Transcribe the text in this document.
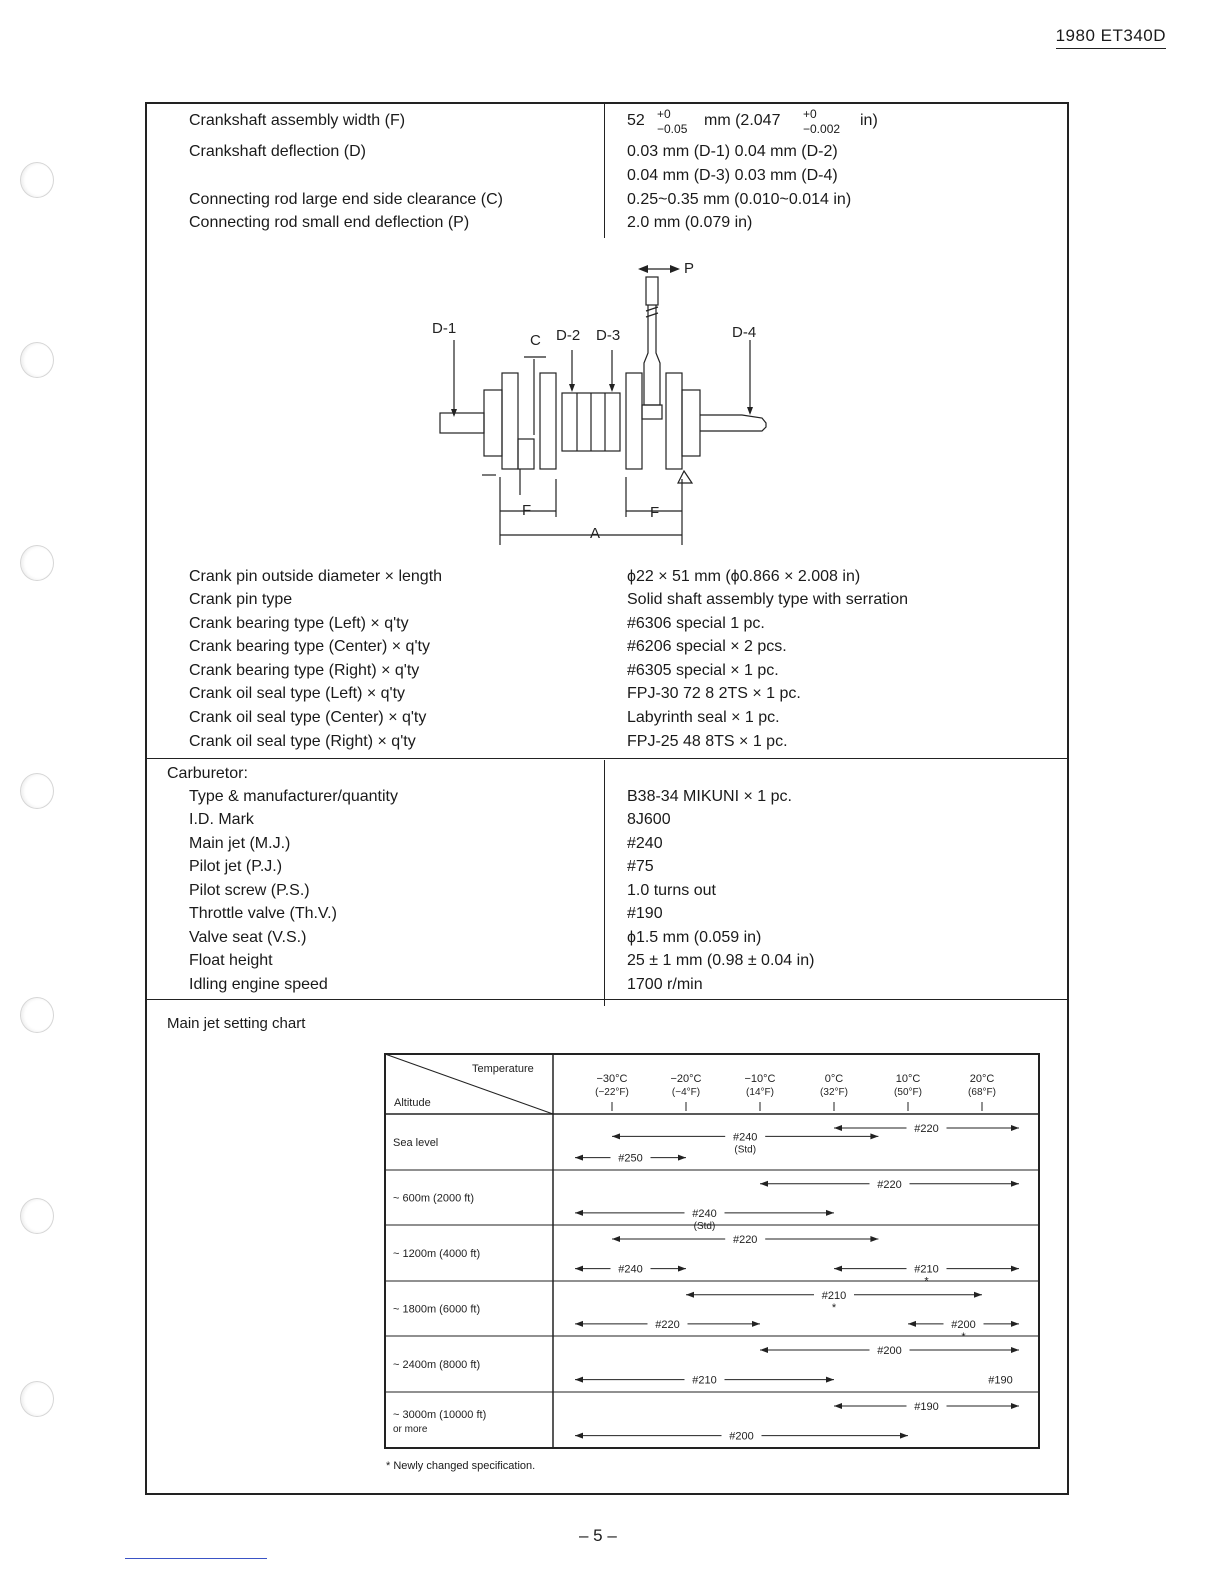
1980 ET340D
Crankshaft assembly width (F)
Crankshaft deflection (D)
Connecting rod large end side clearance (C)
Connecting rod small end deflection (P)
52 +0
−0.05 mm (2.047 +0
−0.002 in)
0.03 mm (D-1) 0.04 mm (D-2)
0.04 mm (D-3) 0.03 mm (D-4)
0.25~0.35 mm (0.010~0.014 in)
2.0 mm (0.079 in)
D-1
C D-2 D-3
P
D-4
F	F
A
Crank pin outside diameter × length
Crank pin type
Crank bearing type (Left) × q'ty
Crank bearing type (Center) × q'ty
Crank bearing type (Right) × q'ty
Crank oil seal type (Left) × q'ty
Crank oil seal type (Center) × q'ty
Crank oil seal type (Right) × q'ty
ϕ22 × 51 mm (ϕ0.866 × 2.008 in)
Solid shaft assembly type with serration
#6306 special 1 pc.
#6206 special × 2 pcs.
#6305 special × 1 pc.
FPJ-30 72 8 2TS × 1 pc.
Labyrinth seal × 1 pc.
FPJ-25 48 8TS × 1 pc.
Carburetor:
Type & manufacturer/quantity
I.D. Mark
Main jet (M.J.)
Pilot jet (P.J.)
Pilot screw (P.S.)
Throttle valve (Th.V.)
Valve seat (V.S.)
Float height
Idling engine speed
B38-34 MIKUNI × 1 pc.
8J600
#240
#75
1.0 turns out
#190
ϕ1.5 mm (0.059 in)
25 ± 1 mm (0.98 ± 0.04 in)
1700 r/min
Main jet setting chart
Temperature
Altitude
−30°C
(−22°F)
−20°C
(−4°F)
−10°C
(14°F)
0°C
(32°F)
10°C
(50°F)
20°C
(68°F)
Sea level
~ 600m (2000 ft)
~ 1200m (4000 ft)
~ 1800m (6000 ft)
~ 2400m (8000 ft)
~ 3000m (10000 ft)
or more
#250
#240
(Std)
#220
#240
(Std)
#220
#240
#220
#210
*
#220
#210
*
#200
*
#210
#200
#190
#200
#190
* Newly changed specification.
– 5 –
